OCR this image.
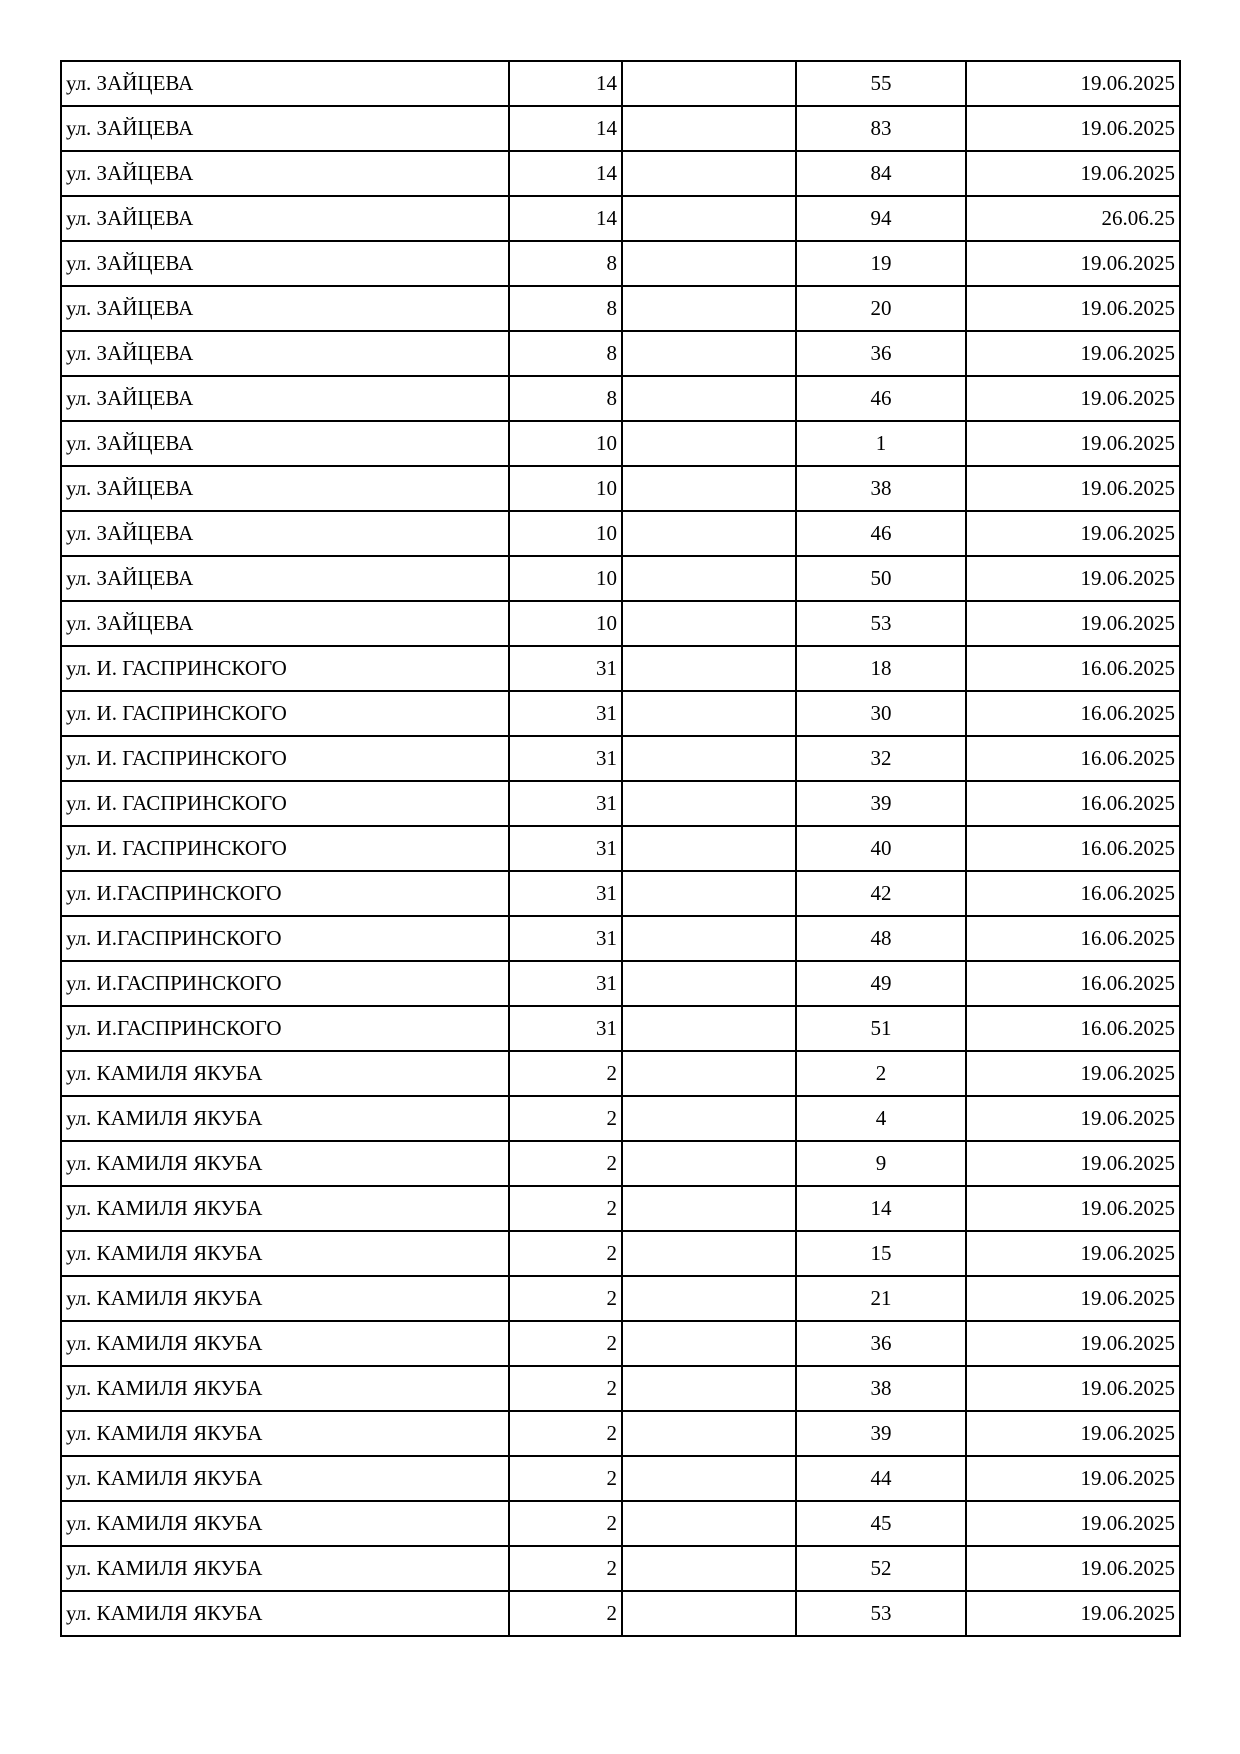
ул. ЗАЙЦЕВА	14		55	19.06.2025
ул. ЗАЙЦЕВА	14		83	19.06.2025
ул. ЗАЙЦЕВА	14		84	19.06.2025
ул. ЗАЙЦЕВА	14		94	26.06.25
ул. ЗАЙЦЕВА	8		19	19.06.2025
ул. ЗАЙЦЕВА	8		20	19.06.2025
ул. ЗАЙЦЕВА	8		36	19.06.2025
ул. ЗАЙЦЕВА	8		46	19.06.2025
ул. ЗАЙЦЕВА	10		1	19.06.2025
ул. ЗАЙЦЕВА	10		38	19.06.2025
ул. ЗАЙЦЕВА	10		46	19.06.2025
ул. ЗАЙЦЕВА	10		50	19.06.2025
ул. ЗАЙЦЕВА	10		53	19.06.2025
ул. И. ГАСПРИНСКОГО	31		18	16.06.2025
ул. И. ГАСПРИНСКОГО	31		30	16.06.2025
ул. И. ГАСПРИНСКОГО	31		32	16.06.2025
ул. И. ГАСПРИНСКОГО	31		39	16.06.2025
ул. И. ГАСПРИНСКОГО	31		40	16.06.2025
ул. И.ГАСПРИНСКОГО	31		42	16.06.2025
ул. И.ГАСПРИНСКОГО	31		48	16.06.2025
ул. И.ГАСПРИНСКОГО	31		49	16.06.2025
ул. И.ГАСПРИНСКОГО	31		51	16.06.2025
ул. КАМИЛЯ ЯКУБА	2		2	19.06.2025
ул. КАМИЛЯ ЯКУБА	2		4	19.06.2025
ул. КАМИЛЯ ЯКУБА	2		9	19.06.2025
ул. КАМИЛЯ ЯКУБА	2		14	19.06.2025
ул. КАМИЛЯ ЯКУБА	2		15	19.06.2025
ул. КАМИЛЯ ЯКУБА	2		21	19.06.2025
ул. КАМИЛЯ ЯКУБА	2		36	19.06.2025
ул. КАМИЛЯ ЯКУБА	2		38	19.06.2025
ул. КАМИЛЯ ЯКУБА	2		39	19.06.2025
ул. КАМИЛЯ ЯКУБА	2		44	19.06.2025
ул. КАМИЛЯ ЯКУБА	2		45	19.06.2025
ул. КАМИЛЯ ЯКУБА	2		52	19.06.2025
ул. КАМИЛЯ ЯКУБА	2		53	19.06.2025
